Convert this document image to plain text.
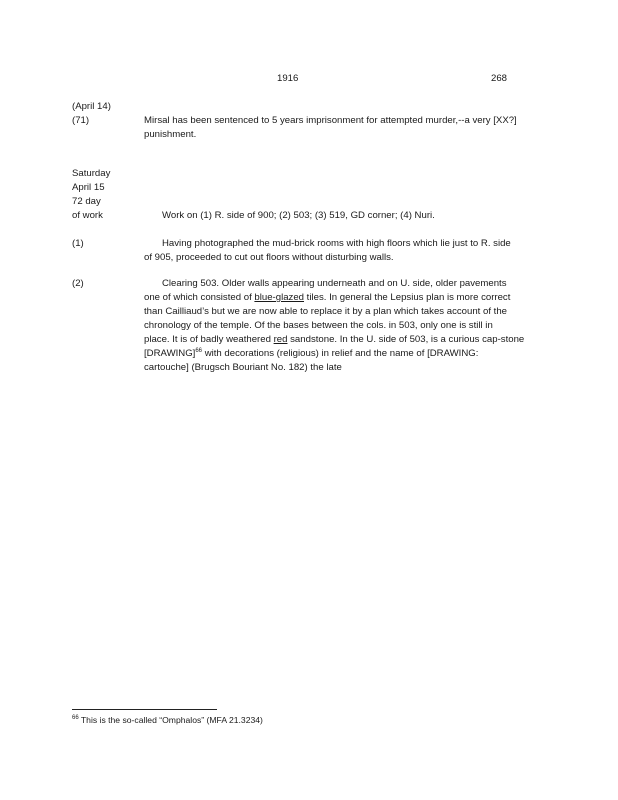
1916	268
(April 14)
(71)	Mirsal has been sentenced to 5 years imprisonment for attempted murder,--a very [XX?]
punishment.
Saturday
April 15
72 day
of work	Work on (1) R. side of 900; (2) 503; (3) 519, GD corner; (4) Nuri.
(1)	Having photographed the mud-brick rooms with high floors which lie just to R. side
of 905, proceeded to cut out floors without disturbing walls.
(2)	Clearing 503. Older walls appearing underneath and on U. side, older pavements
one of which consisted of blue-glazed tiles. In general the Lepsius plan is more correct
than Cailliaud’s but we are now able to replace it by a plan which takes account of the
chronology of the temple. Of the bases between the cols. in 503, only one is still in
place. It is of badly weathered red sandstone. In the U. side of 503, is a curious cap-stone
[DRAWING]$^{66}$ with decorations (religious) in relief and the name of [DRAWING:
cartouche] (Brugsch Bouriant No. 182) the late
$^{66}$ This is the so-called “Omphalos” (MFA 21.3234)
